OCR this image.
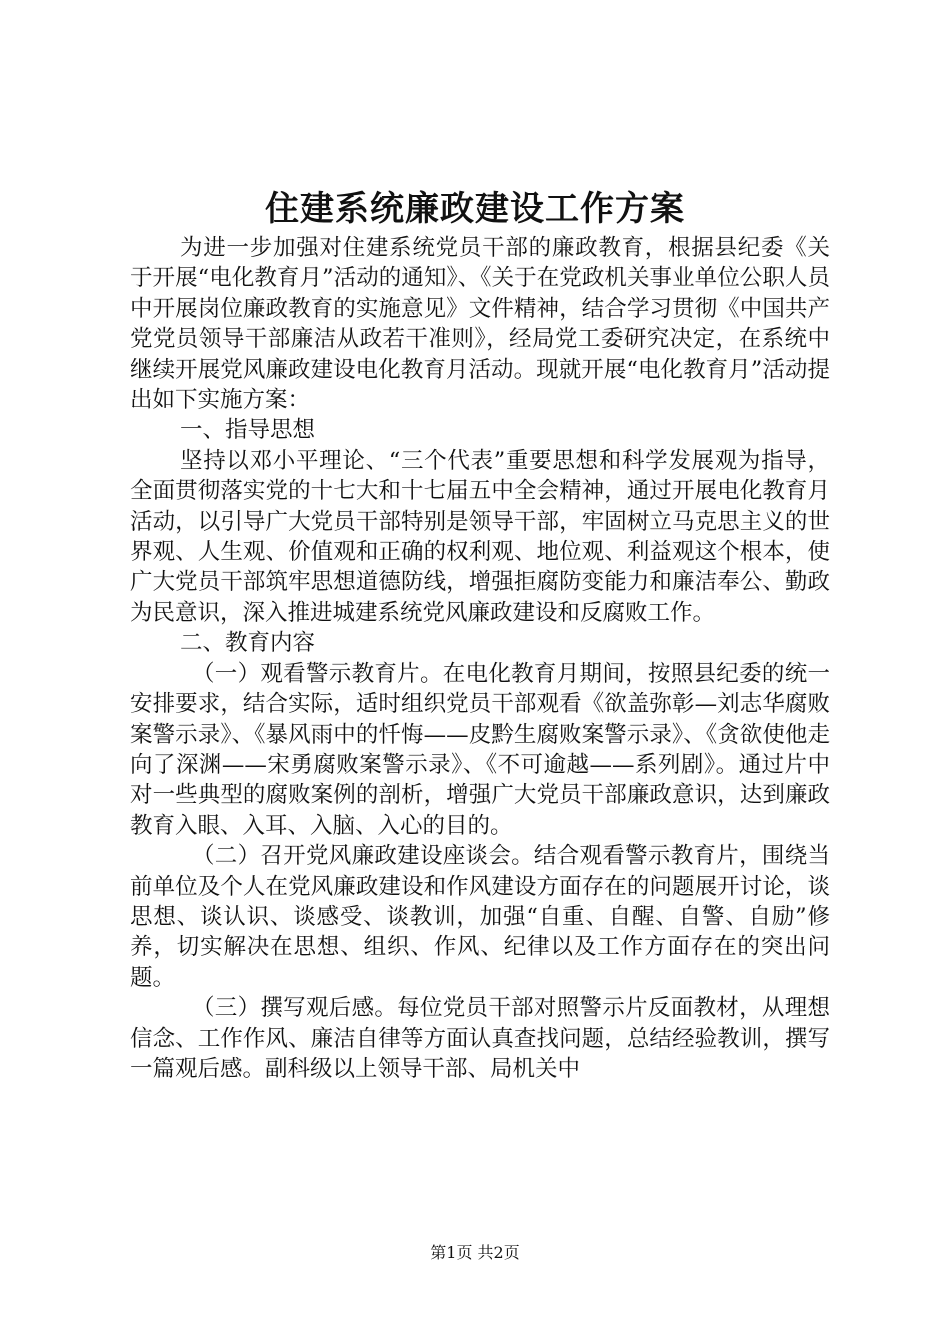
住建系统廉政建设工作方案

为进一步加强对住建系统党员干部的廉政教育，根据县纪委《关于开展“电化教育月”活动的通知》、《关于在党政机关事业单位公职人员中开展岗位廉政教育的实施意见》文件精神，结合学习贯彻《中国共产党党员领导干部廉洁从政若干准则》，经局党工委研究决定，在系统中继续开展党风廉政建设电化教育月活动。现就开展“电化教育月”活动提出如下实施方案：

一、指导思想

坚持以邓小平理论、“三个代表”重要思想和科学发展观为指导，全面贯彻落实党的十七大和十七届五中全会精神，通过开展电化教育月活动，以引导广大党员干部特别是领导干部，牢固树立马克思主义的世界观、人生观、价值观和正确的权利观、地位观、利益观这个根本，使广大党员干部筑牢思想道德防线，增强拒腐防变能力和廉洁奉公、勤政为民意识，深入推进城建系统党风廉政建设和反腐败工作。

二、教育内容

（一）观看警示教育片。在电化教育月期间，按照县纪委的统一安排要求，结合实际，适时组织党员干部观看《欲盖弥彰—刘志华腐败案警示录》、《暴风雨中的忏悔——皮黔生腐败案警示录》、《贪欲使他走向了深渊——宋勇腐败案警示录》、《不可逾越——系列剧》。通过片中对一些典型的腐败案例的剖析，增强广大党员干部廉政意识，达到廉政教育入眼、入耳、入脑、入心的目的。

（二）召开党风廉政建设座谈会。结合观看警示教育片，围绕当前单位及个人在党风廉政建设和作风建设方面存在的问题展开讨论，谈思想、谈认识、谈感受、谈教训，加强“自重、自醒、自警、自励”修养，切实解决在思想、组织、作风、纪律以及工作方面存在的突出问题。

（三）撰写观后感。每位党员干部对照警示片反面教材，从理想信念、工作作风、廉洁自律等方面认真查找问题，总结经验教训，撰写一篇观后感。副科级以上领导干部、局机关中

第1页 共2页
